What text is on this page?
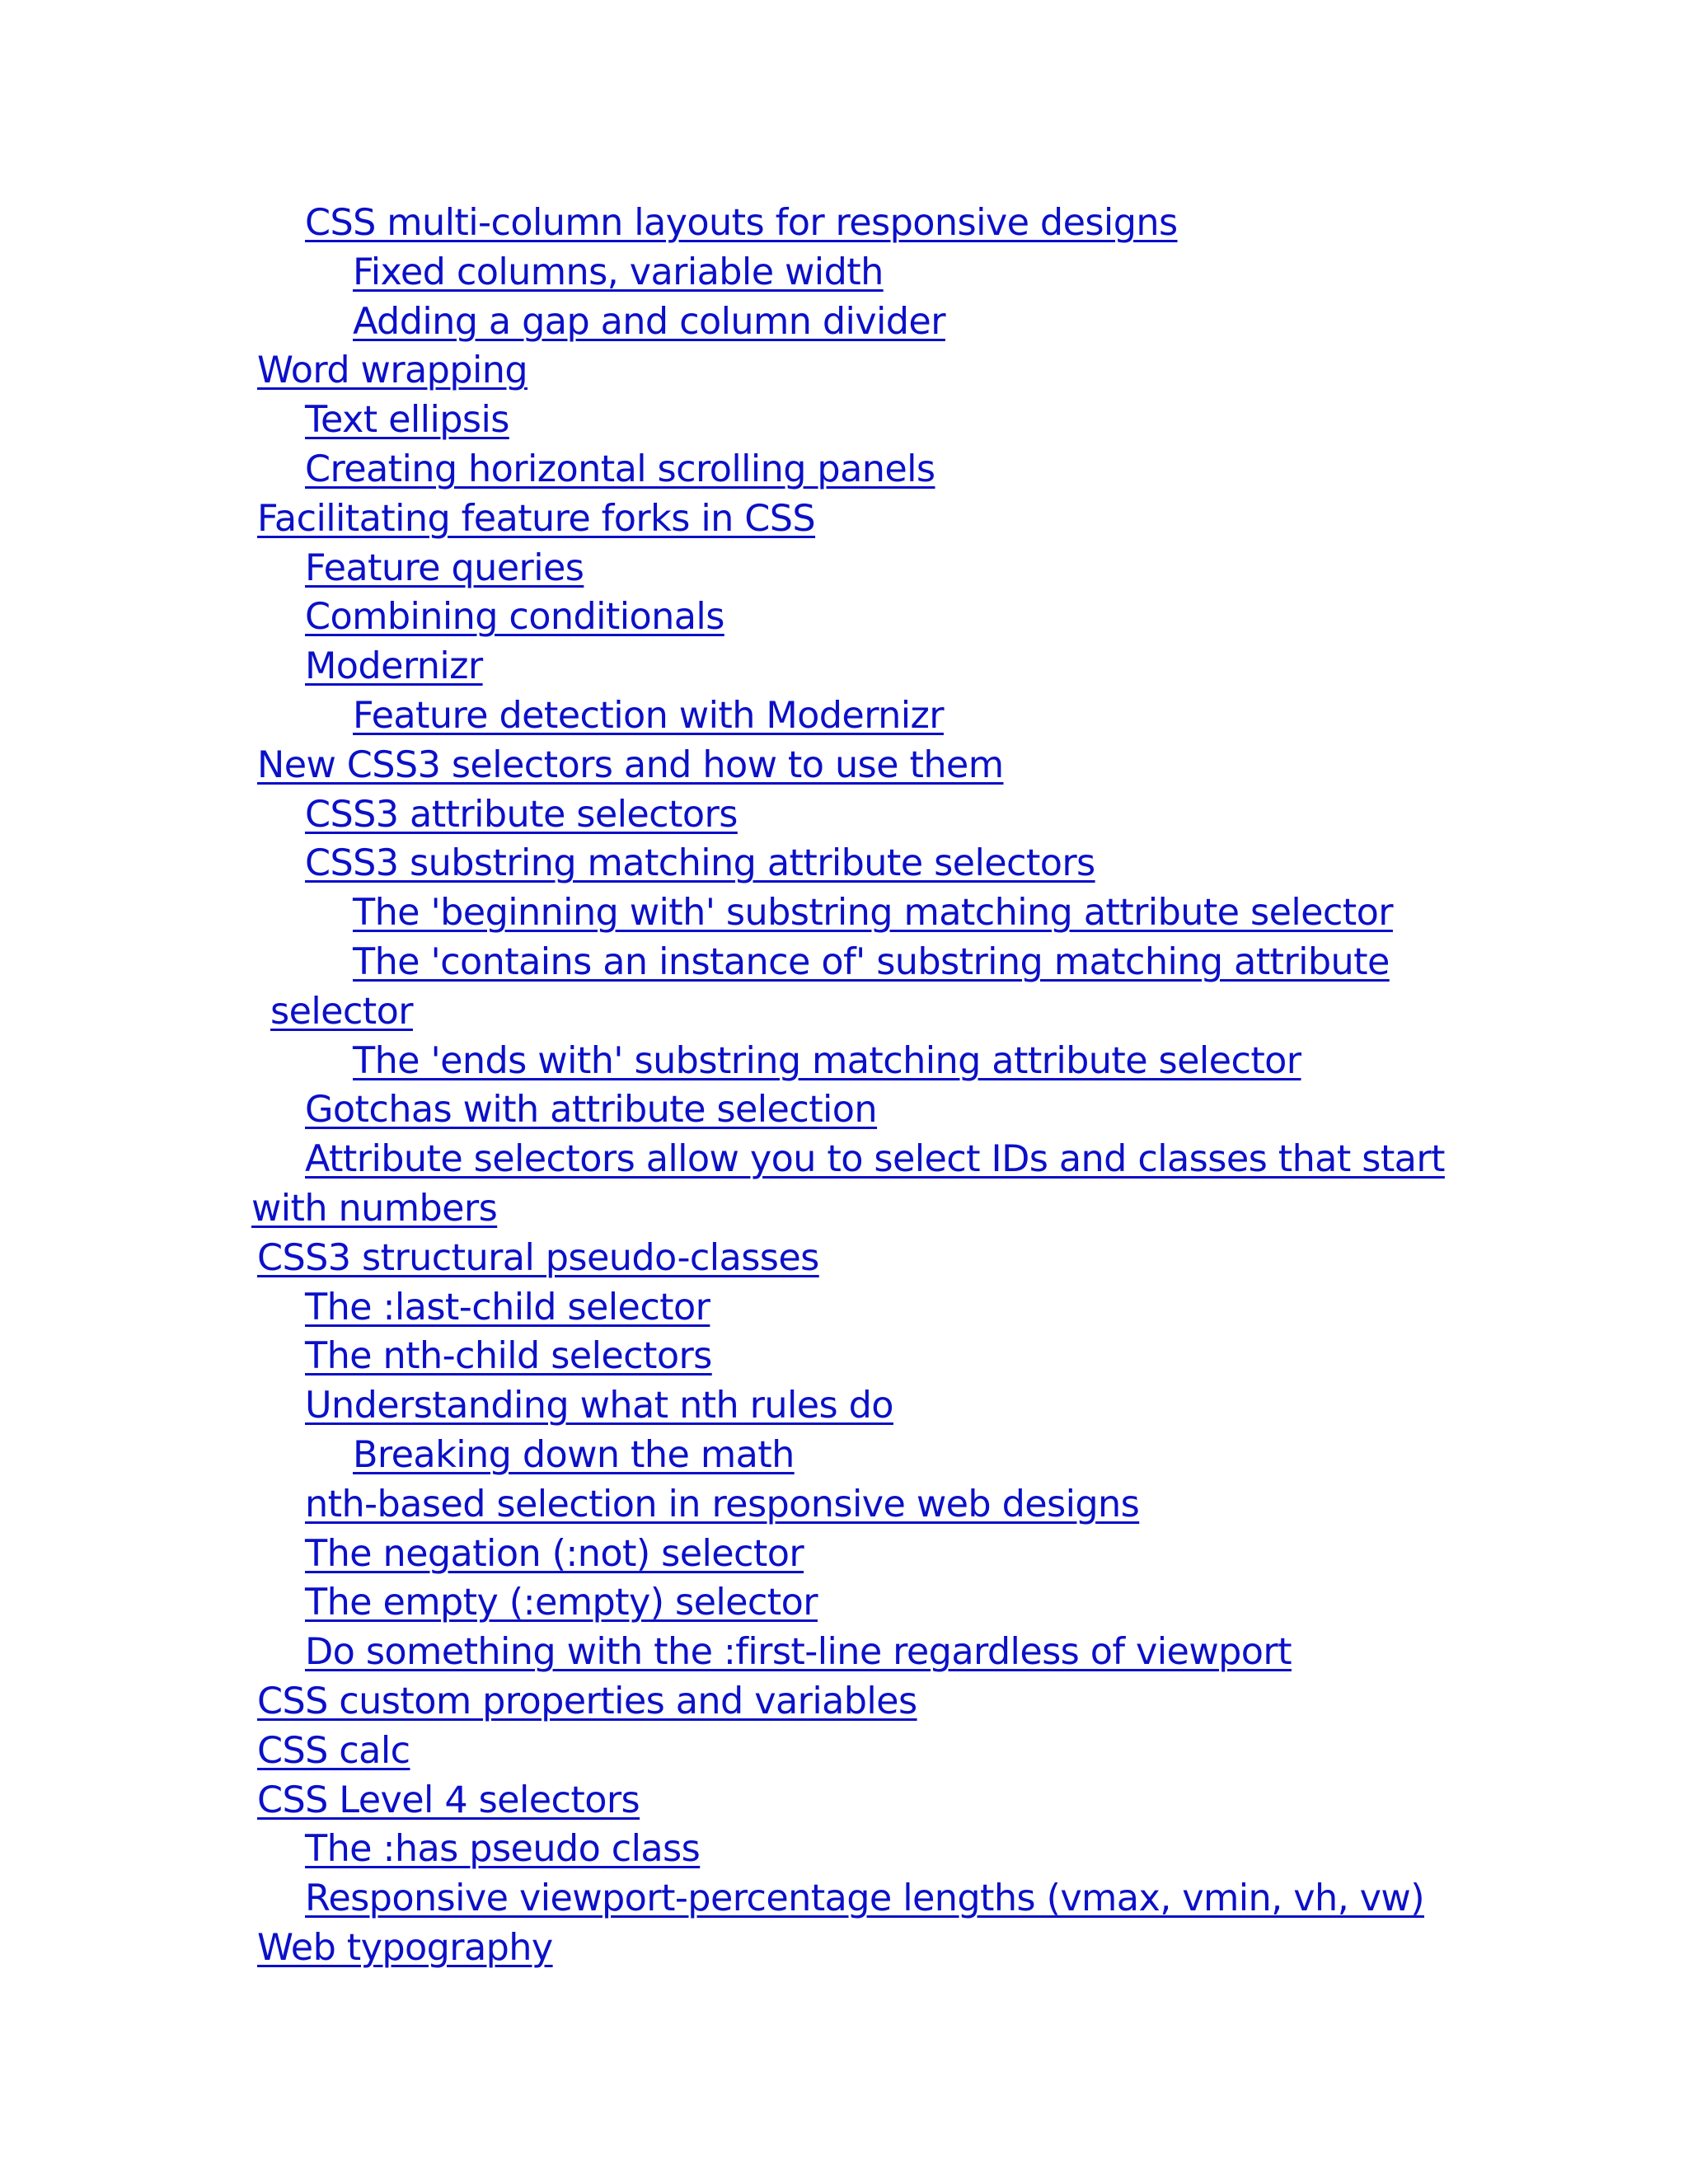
CSS multi-column layouts for responsive designs
Fixed columns, variable width
Adding a gap and column divider
Word wrapping
Text ellipsis
Creating horizontal scrolling panels
Facilitating feature forks in CSS
Feature queries
Combining conditionals
Modernizr
Feature detection with Modernizr
New CSS3 selectors and how to use them
CSS3 attribute selectors
CSS3 substring matching attribute selectors
The 'beginning with' substring matching attribute selector
The 'contains an instance of' substring matching attribute
selector
The 'ends with' substring matching attribute selector
Gotchas with attribute selection
Attribute selectors allow you to select IDs and classes that start
with numbers
CSS3 structural pseudo-classes
The :last-child selector
The nth-child selectors
Understanding what nth rules do
Breaking down the math
nth-based selection in responsive web designs
The negation (:not) selector
The empty (:empty) selector
Do something with the :first-line regardless of viewport
CSS custom properties and variables
CSS calc
CSS Level 4 selectors
The :has pseudo class
Responsive viewport-percentage lengths (vmax, vmin, vh, vw)
Web typography
